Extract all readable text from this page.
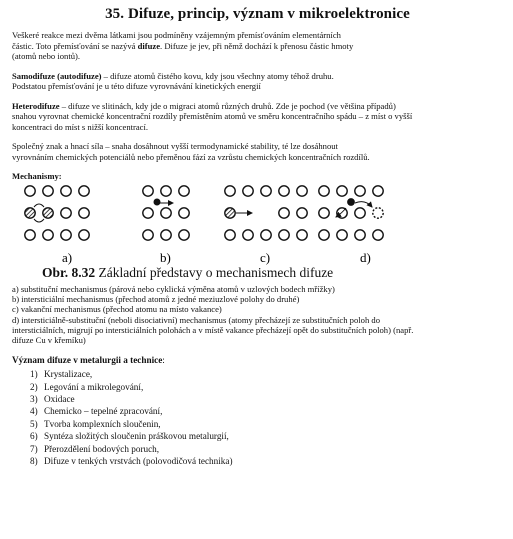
35. Difuze, princip, význam v mikroelektronice

Veškeré reakce mezi dvěma látkami jsou podmíněny vzájemným přemísťováním elementárních

částic. Toto přemísťování se nazývá difuze. Difuze je jev, při němž dochází k přenosu částic hmoty

(atomů nebo iontů).

Samodifuze (autodifuze) – difuze atomů čistého kovu, kdy jsou všechny atomy téhož druhu.

Podstatou přemísťování je u této difuze vyrovnávání kinetických energií

Heterodifuze – difuze ve slitinách, kdy jde o migraci atomů různých druhů. Zde je pochod (ve většina případů)

snahou vyrovnat chemické koncentrační rozdíly přemístěním atomů ve směru koncentračního spádu – z míst o vyšší

koncentraci do míst s nižší koncentrací.

Společný znak a hnací síla – snaha dosáhnout vyšší termodynamické stability, té lze dosáhnout

vyrovnáním chemických potenciálů nebo přeměnou fází za vzrůstu chemických koncentračních rozdílů.

Mechanismy:
a)	b)	c)	d)
Obr. 8.32 Základní představy o mechanismech difuze

a) substituční mechanismus (párová nebo cyklická výměna atomů v uzlových bodech mřížky)

b) intersticiální mechanismus (přechod atomů z jedné meziuzlové polohy do druhé)

c) vakanční mechanismus (přechod atomu na místo vakance)

d) intersticiálně-substituční (neboli disociativní) mechanismus (atomy přecházejí ze substitučních poloh do

intersticiálních, migrují po intersticiálních polohách a v místě vakance přecházejí opět do substitučních poloh) (např.

difuze Cu v křemíku)

Význam difuze v metalurgii a technice:
1) Krystalizace,
2) Legování a mikrolegování,
3) Oxidace
4) Chemicko – tepelné zpracování,
5) Tvorba komplexních sloučenin,
6) Syntéza složitých sloučenin práškovou metalurgií,
7) Přerozdělení bodových poruch,
8) Difuze v tenkých vrstvách (polovodičová technika)
